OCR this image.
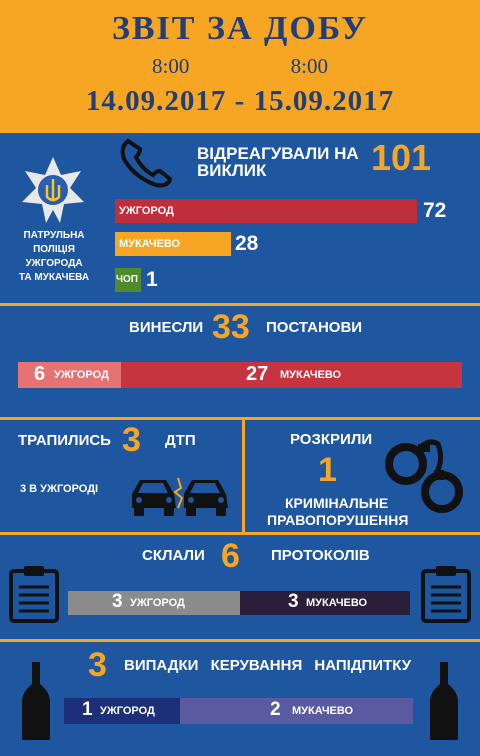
ЗВІТ ЗА ДОБУ
8:00	8:00
14.09.2017 - 15.09.2017
ПАТРУЛЬНА
ПОЛІЦІЯ
УЖГОРОДА
ТА МУКАЧЕВА
ВІДРЕАГУВАЛИ НА
ВИКЛИК	101
УЖГОРОД	72
МУКАЧЕВО	28
ЧОП 1
ВИНЕСЛИ 33 ПОСТАНОВИ
6 УЖГОРОД	27 МУКАЧЕВО
ТРАПИЛИСЬ 3 ДТП
3 В УЖГОРОДІ
РОЗКРИЛИ
1
КРИМІНАЛЬНЕ
ПРАВОПОРУШЕННЯ
СКЛАЛИ 6 ПРОТОКОЛІВ
3 УЖГОРОД	3 МУКАЧЕВО
3 ВИПАДКИ КЕРУВАННЯ НАПІДПИТКУ
1 УЖГОРОД	2 МУКАЧЕВО
